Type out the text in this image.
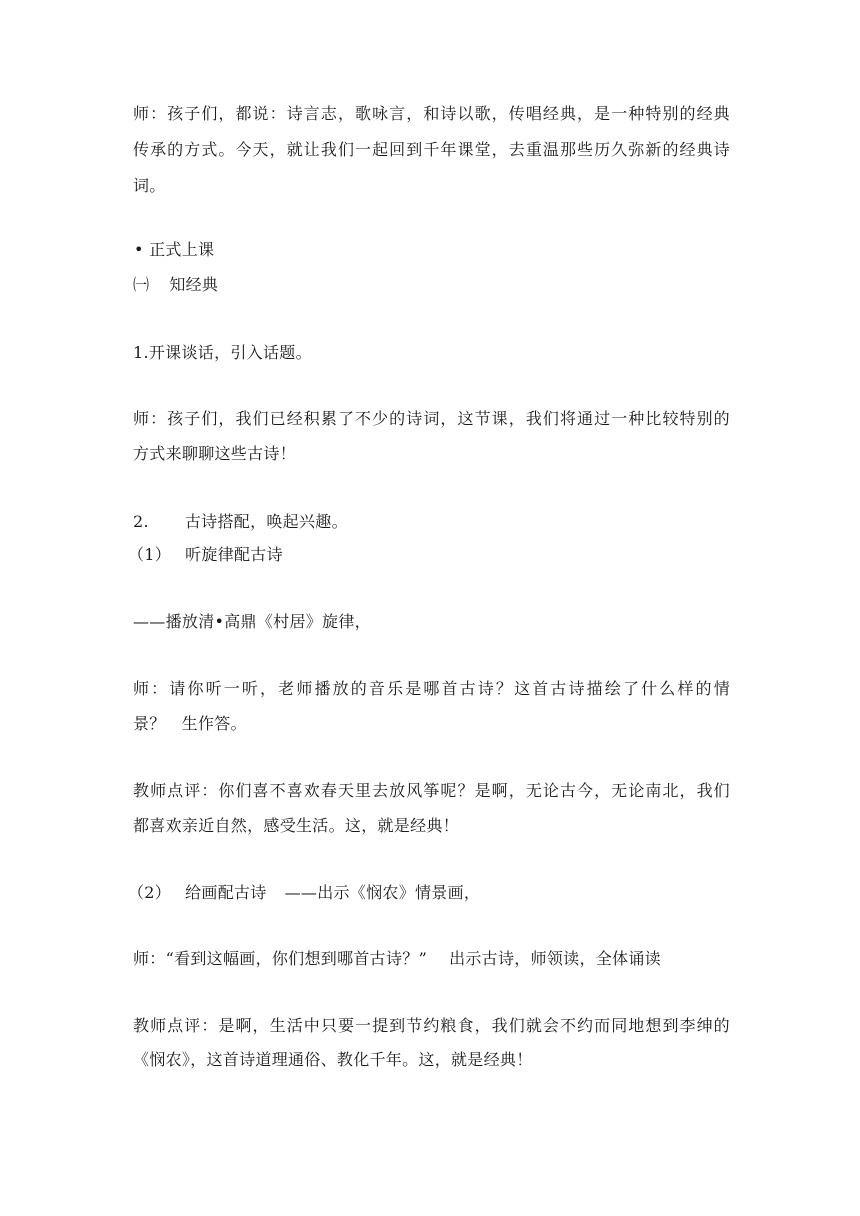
师：孩子们，都说：诗言志，歌咏言，和诗以歌，传唱经典，是一种特别的经典
传承的方式。今天，就让我们一起回到千年课堂，去重温那些历久弥新的经典诗
词。
• 正式上课
㈠ 知经典
1.开课谈话，引入话题。
师：孩子们，我们已经积累了不少的诗词，这节课，我们将通过一种比较特别的
方式来聊聊这些古诗！
2. 古诗搭配，唤起兴趣。
（1） 听旋律配古诗
——播放清•高鼎《村居》旋律，
师：请你听一听，老师播放的音乐是哪首古诗？这首古诗描绘了什么样的情
景？ 生作答。
教师点评：你们喜不喜欢春天里去放风筝呢？是啊，无论古今，无论南北，我们
都喜欢亲近自然，感受生活。这，就是经典！
（2） 给画配古诗 ——出示《悯农》情景画，
师：“看到这幅画，你们想到哪首古诗？” 出示古诗，师领读，全体诵读
教师点评：是啊，生活中只要一提到节约粮食，我们就会不约而同地想到李绅的
《悯农》，这首诗道理通俗、教化千年。这，就是经典！
